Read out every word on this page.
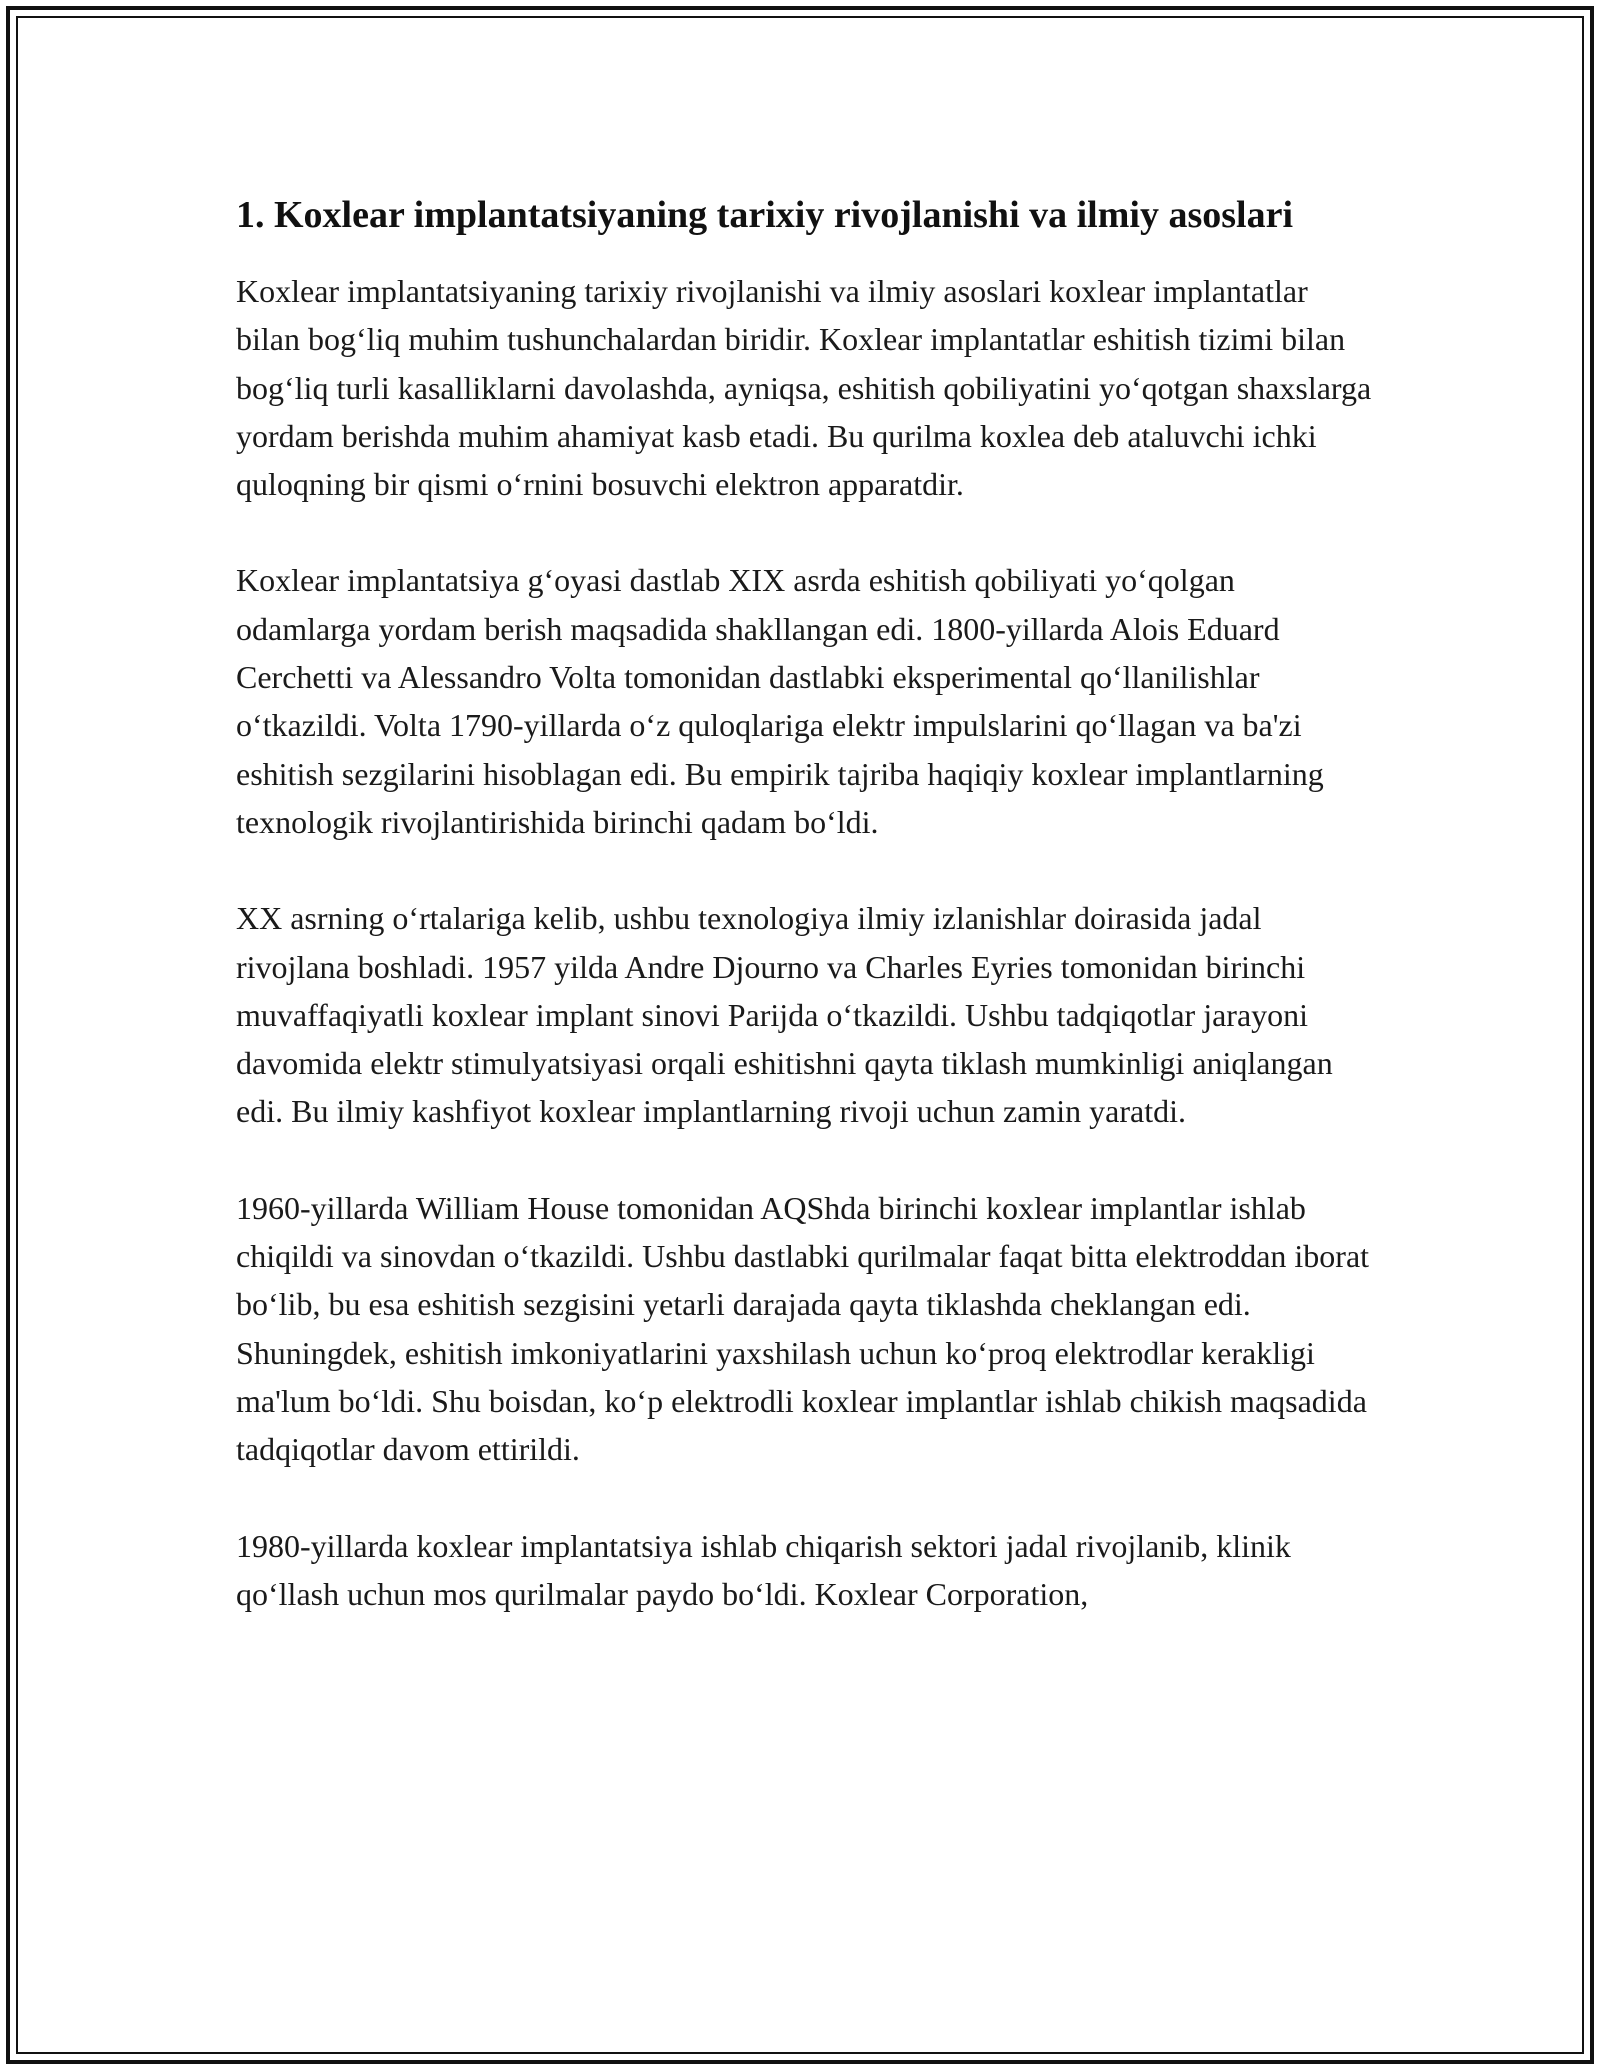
1. Koxlear implantatsiyaning tarixiy rivojlanishi va ilmiy asoslari

Koxlear implantatsiyaning tarixiy rivojlanishi va ilmiy asoslari koxlear implantatlar bilan bog‘liq muhim tushunchalardan biridir. Koxlear implantatlar eshitish tizimi bilan bog‘liq turli kasalliklarni davolashda, ayniqsa, eshitish qobiliyatini yo‘qotgan shaxslarga yordam berishda muhim ahamiyat kasb etadi. Bu qurilma koxlea deb ataluvchi ichki quloqning bir qismi o‘rnini bosuvchi elektron apparatdir.

Koxlear implantatsiya g‘oyasi dastlab XIX asrda eshitish qobiliyati yo‘qolgan odamlarga yordam berish maqsadida shakllangan edi. 1800-yillarda Alois Eduard Cerchetti va Alessandro Volta tomonidan dastlabki eksperimental qo‘llanilishlar o‘tkazildi. Volta 1790-yillarda o‘z quloqlariga elektr impulslarini qo‘llagan va ba'zi eshitish sezgilarini hisoblagan edi. Bu empirik tajriba haqiqiy koxlear implantlarning texnologik rivojlantirishida birinchi qadam bo‘ldi.

XX asrning o‘rtalariga kelib, ushbu texnologiya ilmiy izlanishlar doirasida jadal rivojlana boshladi. 1957 yilda Andre Djourno va Charles Eyries tomonidan birinchi muvaffaqiyatli koxlear implant sinovi Parijda o‘tkazildi. Ushbu tadqiqotlar jarayoni davomida elektr stimulyatsiyasi orqali eshitishni qayta tiklash mumkinligi aniqlangan edi. Bu ilmiy kashfiyot koxlear implantlarning rivoji uchun zamin yaratdi.

1960-yillarda William House tomonidan AQShda birinchi koxlear implantlar ishlab chiqildi va sinovdan o‘tkazildi. Ushbu dastlabki qurilmalar faqat bitta elektroddan iborat bo‘lib, bu esa eshitish sezgisini yetarli darajada qayta tiklashda cheklangan edi. Shuningdek, eshitish imkoniyatlarini yaxshilash uchun ko‘proq elektrodlar kerakligi ma'lum bo‘ldi. Shu boisdan, ko‘p elektrodli koxlear implantlar ishlab chikish maqsadida tadqiqotlar davom ettirildi.

1980-yillarda koxlear implantatsiya ishlab chiqarish sektori jadal rivojlanib, klinik qo‘llash uchun mos qurilmalar paydo bo‘ldi. Koxlear Corporation,
